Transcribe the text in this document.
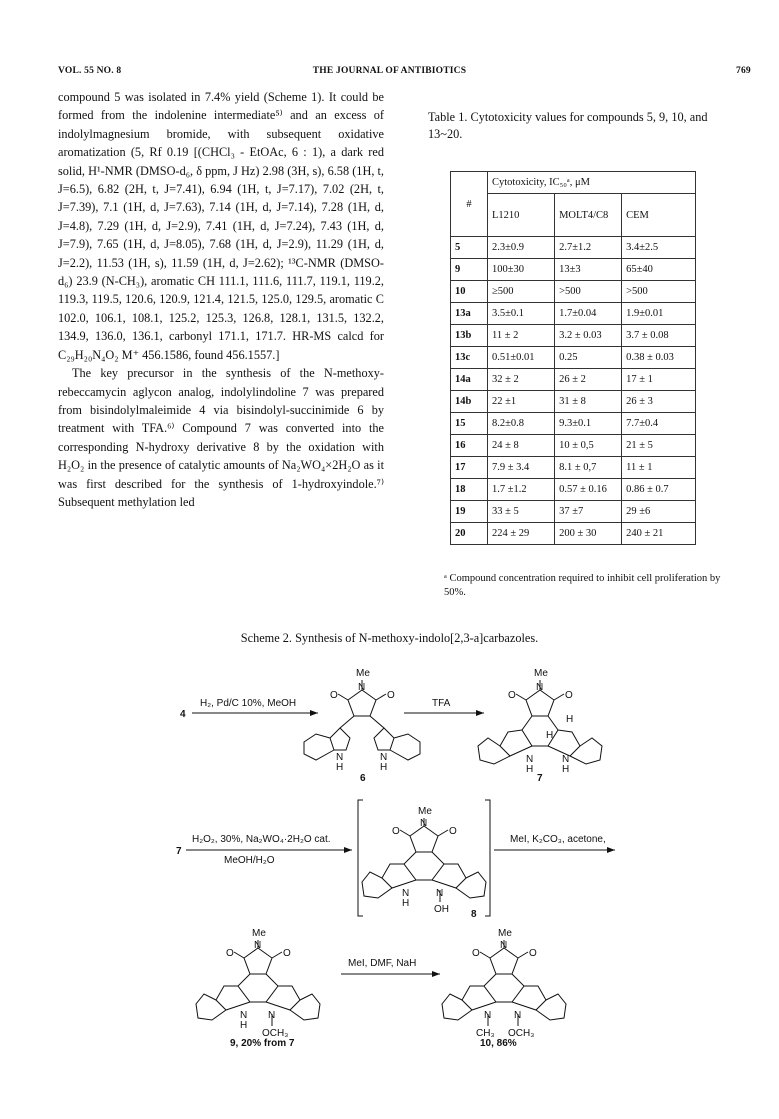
VOL. 55 NO. 8	THE JOURNAL OF ANTIBIOTICS	769

compound 5 was isolated in 7.4% yield (Scheme 1). It could be formed from the indolenine intermediate⁵⁾ and an excess of indolylmagnesium bromide, with subsequent oxidative aromatization (5, Rf 0.19 [(CHCl₃ - EtOAc, 6 : 1), a dark red solid, H¹-NMR (DMSO-d₆, δ ppm, J Hz) 2.98 (3H, s), 6.58 (1H, t, J=6.5), 6.82 (2H, t, J=7.41), 6.94 (1H, t, J=7.17), 7.02 (2H, t, J=7.39), 7.1 (1H, d, J=7.63), 7.14 (1H, d, J=7.14), 7.28 (1H, d, J=4.8), 7.29 (1H, d, J=2.9), 7.41 (1H, d, J=7.24), 7.43 (1H, d, J=7.9), 7.65 (1H, d, J=8.05), 7.68 (1H, d, J=2.9), 11.29 (1H, d, J=2.2), 11.53 (1H, s), 11.59 (1H, d, J=2.62); ¹³C-NMR (DMSO-d₆) 23.9 (N-CH₃), aromatic CH 111.1, 111.6, 111.7, 119.1, 119.2, 119.3, 119.5, 120.6, 120.9, 121.4, 121.5, 125.0, 129.5, aromatic C 102.0, 106.1, 108.1, 125.2, 125.3, 126.8, 128.1, 131.5, 132.2, 134.9, 136.0, 136.1, carbonyl 171.1, 171.7. HR-MS calcd for C₂₉H₂₀N₄O₂ M⁺ 456.1586, found 456.1557.]

The key precursor in the synthesis of the N-methoxy-rebeccamycin aglycon analog, indolylindoline 7 was prepared from bisindolylmaleimide 4 via bisindolyl-succinimide 6 by treatment with TFA.⁶⁾ Compound 7 was converted into the corresponding N-hydroxy derivative 8 by the oxidation with H₂O₂ in the presence of catalytic amounts of Na₂WO₄×2H₂O as it was first described for the synthesis of 1-hydroxyindole.⁷⁾ Subsequent methylation led

Table 1. Cytotoxicity values for compounds 5, 9, 10, and 13~20.
#	Cytotoxicity, IC₅₀ᵃ, μM		
	L1210	MOLT4/C8	CEM
5	2.3±0.9	2.7±1.2	3.4±2.5
9	100±30	13±3	65±40
10	≥500	>500	>500
13a	3.5±0.1	1.7±0.04	1.9±0.01
13b	11 ± 2	3.2 ± 0.03	3.7 ± 0.08
13c	0.51±0.01	0.25	0.38 ± 0.03
14a	32 ± 2	26 ± 2	17 ± 1
14b	22 ±1	31 ± 8	26 ± 3
15	8.2±0.8	9.3±0.1	7.7±0.4
16	24 ± 8	10 ± 0,5	21 ± 5
17	7.9 ± 3.4	8.1 ± 0,7	11 ± 1
18	1.7 ±1.2	0.57 ± 0.16	0.86 ± 0.7
19	33 ± 5	37 ±7	29 ±6
20	224 ± 29	200 ± 30	240 ± 21
ᵃ Compound concentration required to inhibit cell proliferation by 50%.
Scheme 2. Synthesis of N-methoxy-indolo[2,3-a]carbazoles.
H₂, Pd/C 10%, MeOH	TFA
H₂O₂, 30%, Na₂WO₄·2H₂O cat.
MeOH/H₂O
MeI, K₂CO₃, acetone,
MeI, DMF, NaH
4
6	7
7
8
9, 20% from 7	10, 86%
Me
N
O	O
N
H
N
H
Me
N
O	O
H
H
N
H
N
H
Me
N
O	O
N
H
N
OH
Me
N
O	O
N
H
N
OCH₃
Me
N
O	O
N N
CH₃ OCH₃
